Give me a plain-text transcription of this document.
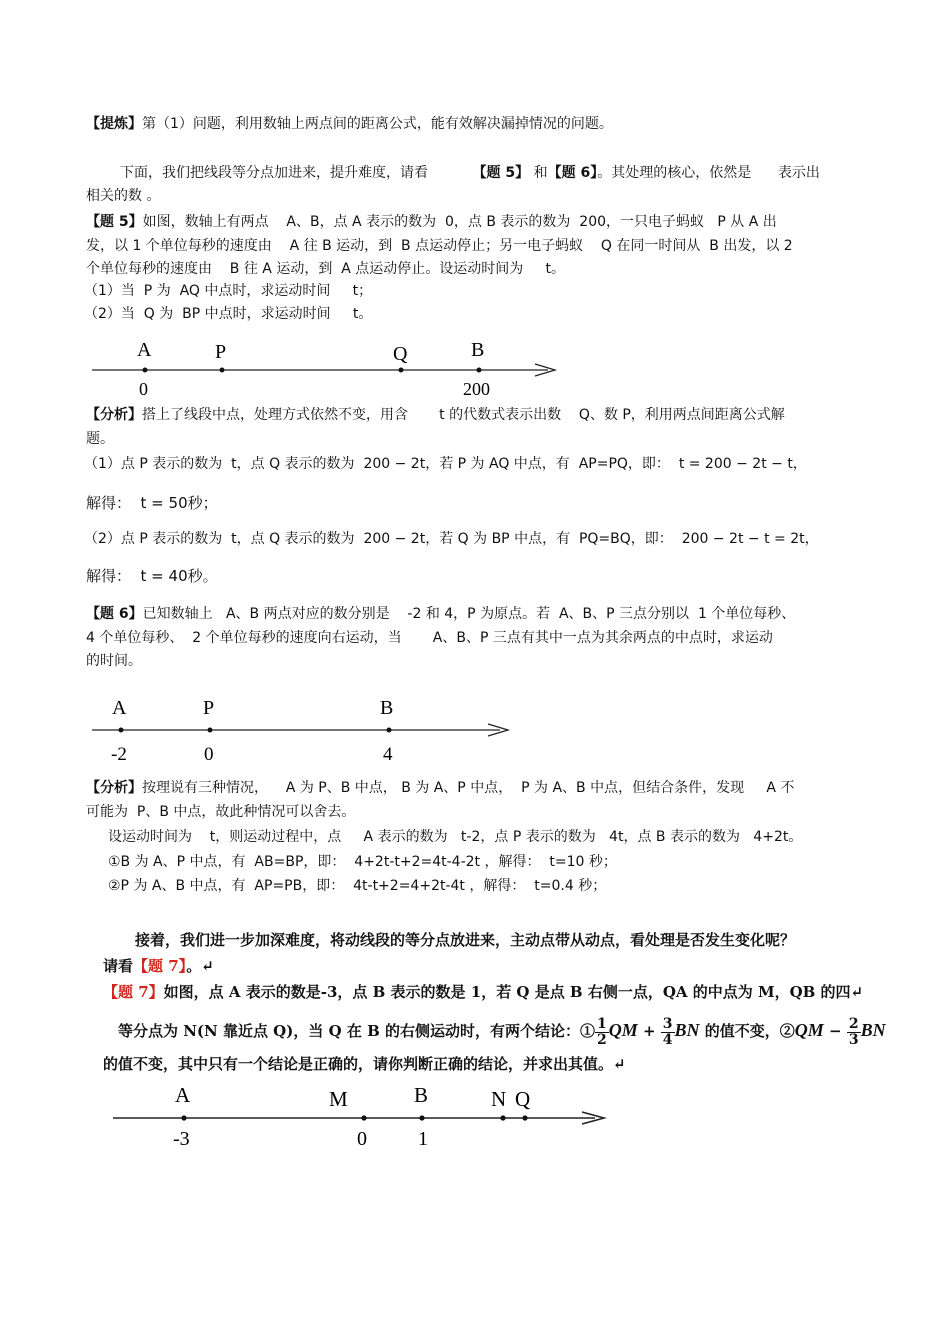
【提炼】第（1）问题，利用数轴上两点间的距离公式，能有效解决漏掉情况的问题。
下面，我们把线段等分点加进来，提升难度，请看	【题 5】 和【题 6】。其处理的核心，依然是      表示出
相关的数 。
【题 5】如图，数轴上有两点    A、B，点 A 表示的数为  0，点 B 表示的数为  200，一只电子蚂蚁   P 从 A 出
发，以 1 个单位每秒的速度由    A 往 B 运动，到  B 点运动停止；另一电子蚂蚁    Q 在同一时间从  B 出发，以 2
个单位每秒的速度由    B 往 A 运动，到  A 点运动停止。设运动时间为     t。
（1）当  P 为  AQ 中点时，求运动时间     t；
（2）当  Q 为  BP 中点时，求运动时间     t。
A	P	Q	B
0	200
【分析】搭上了线段中点，处理方式依然不变，用含       t 的代数式表示出数    Q、数 P，利用两点间距离公式解
题。
（1）点 P 表示的数为  t，点 Q 表示的数为  200 − 2t，若 P 为 AQ 中点，有  AP=PQ，即：  t = 200 − 2t − t，
解得：  t = 50秒；
（2）点 P 表示的数为  t，点 Q 表示的数为  200 − 2t，若 Q 为 BP 中点，有  PQ=BQ，即：  200 − 2t − t = 2t，
解得：  t = 40秒。
【题 6】已知数轴上   A、B 两点对应的数分别是    -2 和 4，P 为原点。若  A、B、P 三点分别以  1 个单位每秒、
4 个单位每秒、  2 个单位每秒的速度向右运动，当       A、B、P 三点有其中一点为其余两点的中点时，求运动
的时间。
A	P	B
-2	0	4
【分析】按理说有三种情况，    A 为 P、B 中点， B 为 A、P 中点，  P 为 A、B 中点，但结合条件，发现     A 不
可能为  P、B 中点，故此种情况可以舍去。
设运动时间为    t，则运动过程中，点     A 表示的数为   t-2，点 P 表示的数为   4t，点 B 表示的数为   4+2t。
①B 为 A、P 中点，有  AB=BP，即：  4+2t-t+2=4t-4-2t ，解得：  t=10 秒；
②P 为 A、B 中点，有  AP=PB，即：  4t-t+2=4+2t-4t ，解得：  t=0.4 秒；
接着，我们进一步加深难度，将动线段的等分点放进来，主动点带从动点，看处理是否发生变化呢？
请看【题 7】。↵
【题 7】如图，点 A 表示的数是-3，点 B 表示的数是 1，若 Q 是点 B 右侧一点，QA 的中点为 M，QB 的四↵
等分点为 N(N 靠近点 Q)，当 Q 在 B 的右侧运动时，有两个结论：① $\frac{1}{2}$ QM + $\frac{3}{4}$ BN 的值不变，②QM − $\frac{2}{3}$ BN
的值不变，其中只有一个结论是正确的，请你判断正确的结论，并求出其值。↵
A	M	B	N Q
-3	0	1
